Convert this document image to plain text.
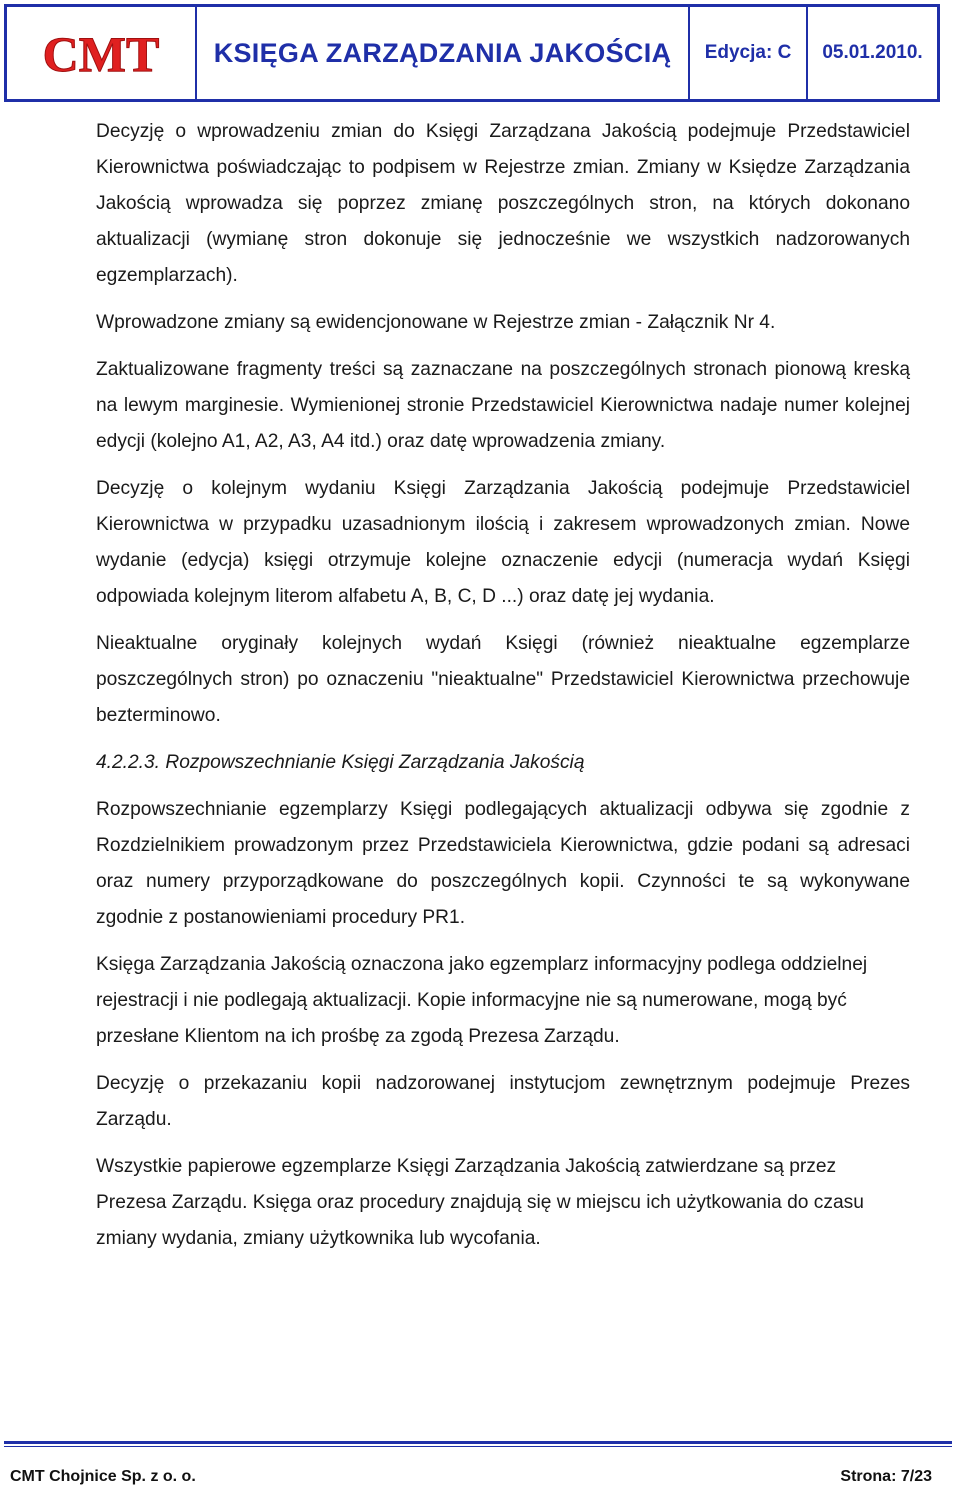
CMT KSIĘGA ZARZĄDZANIA JAKOŚCIĄ Edycja: C 05.01.2010.

Decyzję o wprowadzeniu zmian do Księgi Zarządzana Jakością podejmuje Przedstawiciel Kierownictwa poświadczając to podpisem w Rejestrze zmian. Zmiany w Księdze Zarządzania Jakością wprowadza się poprzez zmianę poszczególnych stron, na których dokonano aktualizacji (wymianę stron dokonuje się jednocześnie we wszystkich nadzorowanych egzemplarzach).

Wprowadzone zmiany są ewidencjonowane w Rejestrze zmian - Załącznik Nr 4.

Zaktualizowane fragmenty treści są zaznaczane na poszczególnych stronach pionową kreską na lewym marginesie. Wymienionej stronie Przedstawiciel Kierownictwa nadaje numer kolejnej edycji (kolejno A1, A2, A3, A4 itd.) oraz datę wprowadzenia zmiany.

Decyzję o kolejnym wydaniu Księgi Zarządzania Jakością podejmuje Przedstawiciel Kierownictwa w przypadku uzasadnionym ilością i zakresem wprowadzonych zmian. Nowe wydanie (edycja) księgi otrzymuje kolejne oznaczenie edycji (numeracja wydań Księgi odpowiada kolejnym literom alfabetu A, B, C, D ...) oraz datę jej wydania.

Nieaktualne oryginały kolejnych wydań Księgi (również nieaktualne egzemplarze poszczególnych stron) po oznaczeniu "nieaktualne" Przedstawiciel Kierownictwa przechowuje bezterminowo.

4.2.2.3. Rozpowszechnianie Księgi Zarządzania Jakością

Rozpowszechnianie egzemplarzy Księgi podlegających aktualizacji odbywa się zgodnie z Rozdzielnikiem prowadzonym przez Przedstawiciela Kierownictwa, gdzie podani są adresaci oraz numery przyporządkowane do poszczególnych kopii. Czynności te są wykonywane zgodnie z postanowieniami procedury PR1.

Księga Zarządzania Jakością oznaczona jako egzemplarz informacyjny podlega oddzielnej rejestracji i nie podlegają aktualizacji. Kopie informacyjne nie są numerowane, mogą być przesłane Klientom na ich prośbę za zgodą Prezesa Zarządu.

Decyzję o przekazaniu kopii nadzorowanej instytucjom zewnętrznym podejmuje Prezes Zarządu.

Wszystkie papierowe egzemplarze Księgi Zarządzania Jakością zatwierdzane są przez Prezesa Zarządu. Księga oraz procedury znajdują się w miejscu ich użytkowania do czasu zmiany wydania, zmiany użytkownika lub wycofania.

CMT Chojnice Sp. z o. o.	Strona: 7/23
